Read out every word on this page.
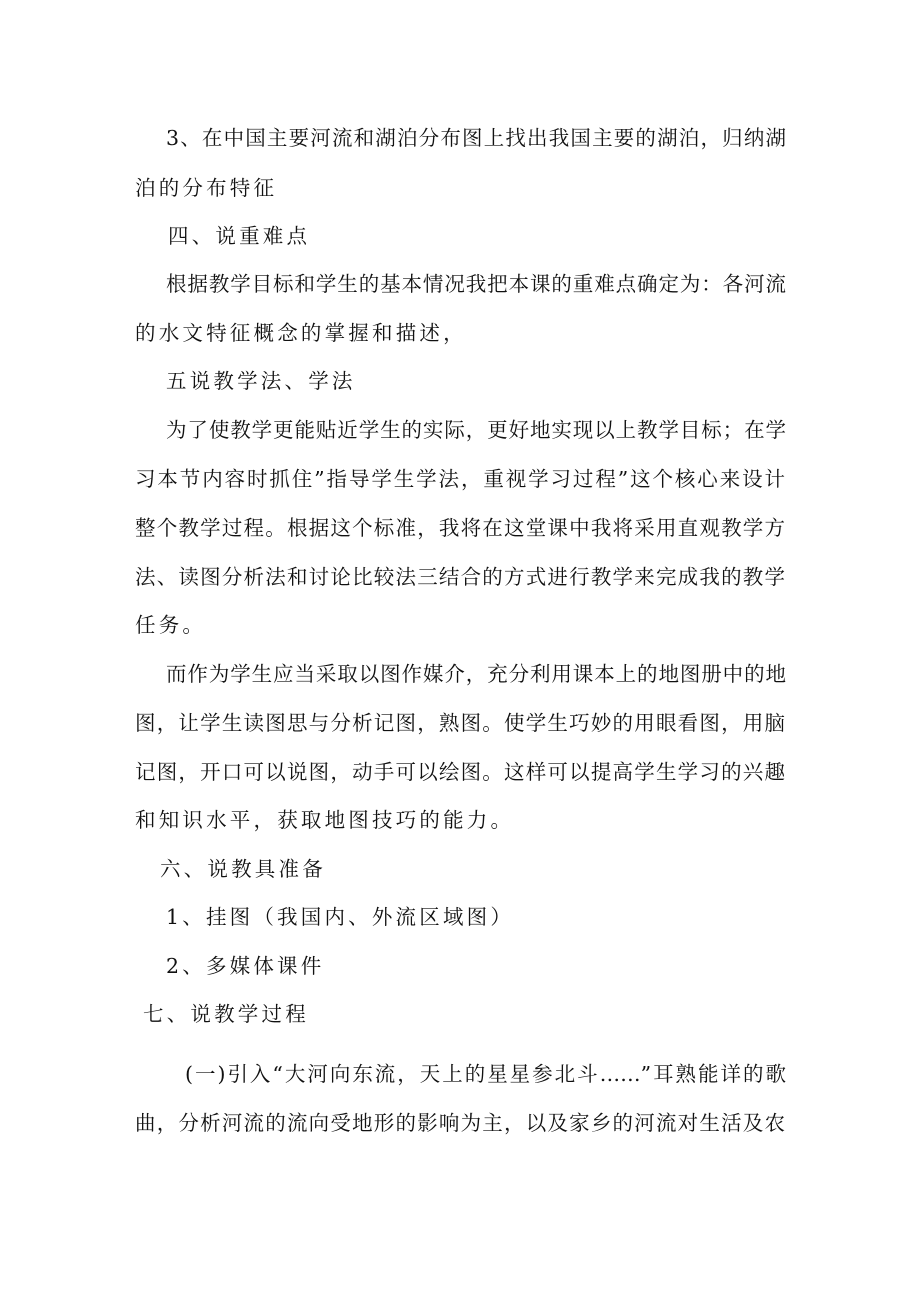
3、在中国主要河流和湖泊分布图上找出我国主要的湖泊，归纳湖
泊的分布特征
四、说重难点
根据教学目标和学生的基本情况我把本课的重难点确定为：各河流
的水文特征概念的掌握和描述，
五说教学法、学法
为了使教学更能贴近学生的实际，更好地实现以上教学目标；在学
习本节内容时抓住”指导学生学法，重视学习过程”这个核心来设计
整个教学过程。根据这个标准，我将在这堂课中我将采用直观教学方
法、读图分析法和讨论比较法三结合的方式进行教学来完成我的教学
任务。
而作为学生应当采取以图作媒介，充分利用课本上的地图册中的地
图，让学生读图思与分析记图，熟图。使学生巧妙的用眼看图，用脑
记图，开口可以说图，动手可以绘图。这样可以提高学生学习的兴趣
和知识水平，获取地图技巧的能力。
六、说教具准备
1、挂图（我国内、外流区域图）
2、多媒体课件
七、说教学过程
(一)引入“大河向东流，天上的星星参北斗……”耳熟能详的歌
曲，分析河流的流向受地形的影响为主，以及家乡的河流对生活及农
